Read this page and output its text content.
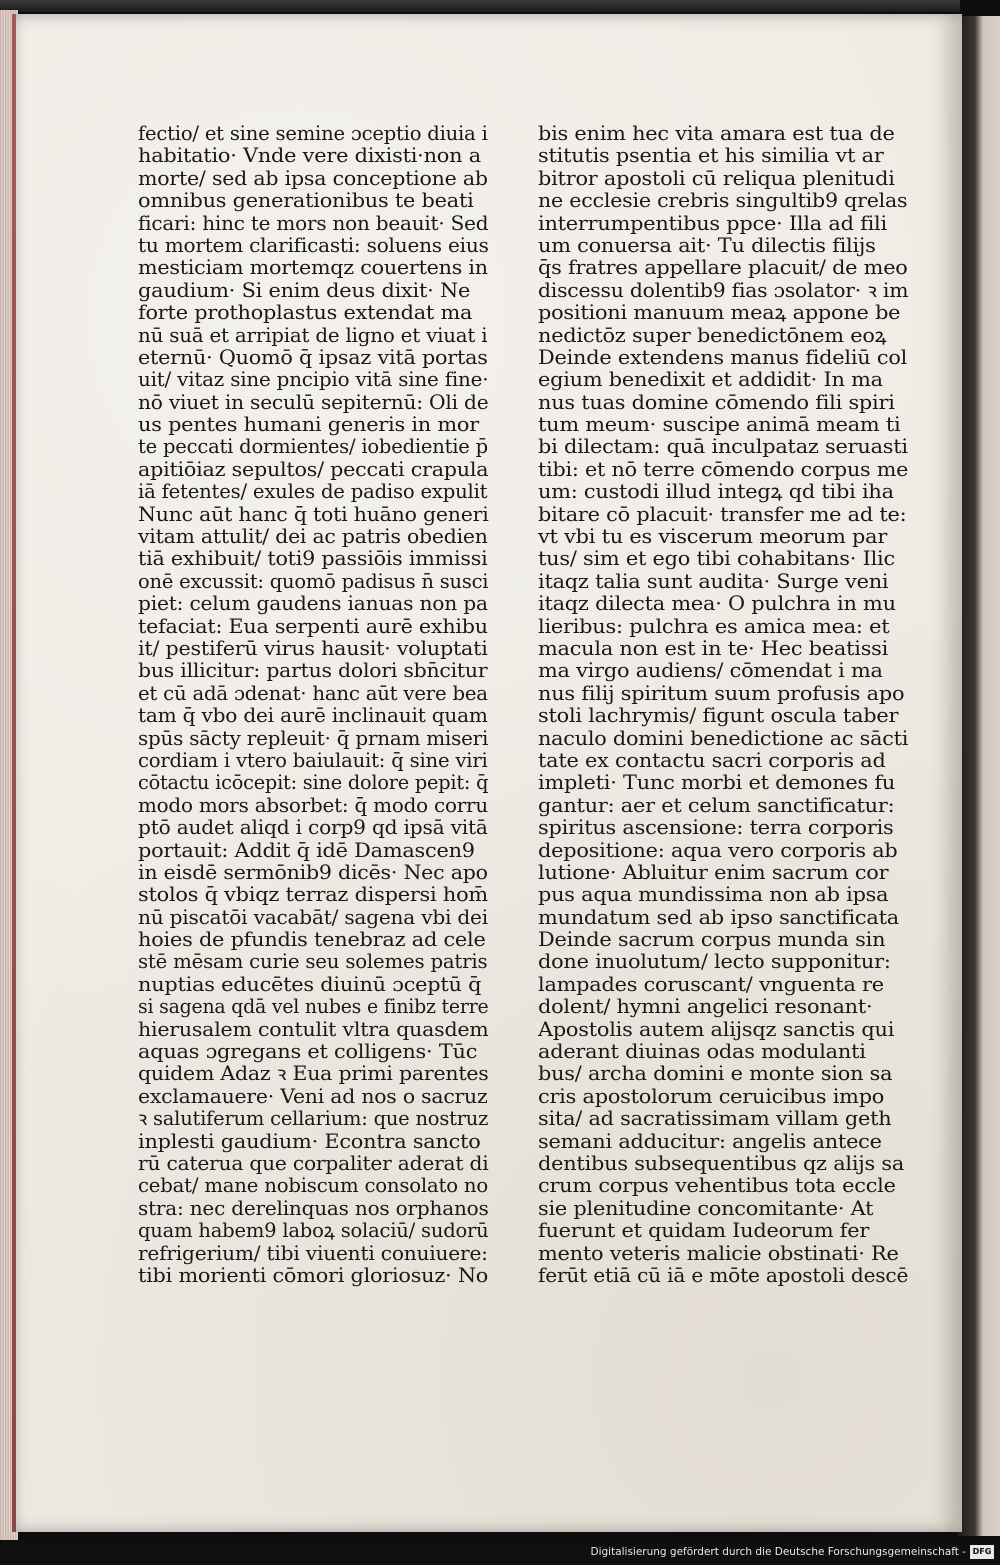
fectio/ et sine semine ɔceptio diuia i
habitatio· Vnde vere dixisti·non a
morte/ sed ab ipsa conceptione ab
omnibus generationibus te beati
ficari: hinc te mors non beauit· Sed
tu mortem clarificasti: soluens eius
mesticiam mortemqz couertens in
gaudium· Si enim deus dixit· Ne
forte prothoplastus extendat ma
nū suā et arripiat de ligno et viuat i
eternū· Quomō q̄ ipsaz vitā portas
uit/ vitaz sine pncipio vitā sine fine·
nō viuet in seculū sepiternū: Oli de
us pentes humani generis in mor
te peccati dormientes/ iobedientie p̄
apitiōiaz sepultos/ peccati crapula
iā fetentes/ exules de padiso expulit
Nunc aūt hanc q̄ toti huāno generi
vitam attulit/ dei ac patris obedien
tiā exhibuit/ toti9 passiōis immissi
onē excussit: quomō padisus n̄ susci
piet: celum gaudens ianuas non pa
tefaciat: Eua serpenti aurē exhibu
it/ pestiferū virus hausit· voluptati
bus illicitur: partus dolori sbn̄citur
et cū adā ɔdenat· hanc aūt vere bea
tam q̄ vbo dei aurē inclinauit quam
spūs sācty repleuit· q̄ prnam miseri
cordiam i vtero baiulauit: q̄ sine viri
cōtactu icōcepit: sine dolore pepit: q̄
modo mors absorbet: q̄ modo corru
ptō audet aliqd i corp9 qd ipsā vitā
portauit: Addit q̄ idē Damascen9
in eisdē sermōnib9 dicēs· Nec apo
stolos q̄ vbiqz terraz dispersi hom̄
nū piscatōi vacabāt/ sagena vbi dei
hoies de pfundis tenebraz ad cele
stē mēsam curie seu solemes patris
nuptias educētes diuinū ɔceptū q̄
si sagena qdā vel nubes e finibz terre
hierusalem contulit vltra quasdem
aquas ɔgregans et colligens· Tūc
quidem Adaz ꝛ Eua primi parentes
exclamauere· Veni ad nos o sacruz
ꝛ salutiferum cellarium: que nostruz
inplesti gaudium· Econtra sancto
rū caterua que corpaliter aderat di
cebat/ mane nobiscum consolato no
stra: nec derelinquas nos orphanos
quam habem9 laboꝝ solaciū/ sudorū
refrigerium/ tibi viuenti conuiuere:
tibi morienti cōmori gloriosuz· No
bis enim hec vita amara est tua de
stitutis psentia et his similia vt ar
bitror apostoli cū reliqua plenitudi
ne ecclesie crebris singultib9 qrelas
interrumpentibus ppce· Illa ad fili
um conuersa ait· Tu dilectis filijs
q̄s fratres appellare placuit/ de meo
discessu dolentib9 fias ɔsolator· ꝛ im
positioni manuum meaꝝ appone be
nedictōz super benedictōnem eoꝝ
Deinde extendens manus fideliū col
egium benedixit et addidit· In ma
nus tuas domine cōmendo fili spiri
tum meum· suscipe animā meam ti
bi dilectam: quā inculpataz seruasti
tibi: et nō terre cōmendo corpus me
um: custodi illud integꝝ qd tibi iha
bitare cō placuit· transfer me ad te:
vt vbi tu es viscerum meorum par
tus/ sim et ego tibi cohabitans· Ilic
itaqz talia sunt audita· Surge veni
itaqz dilecta mea· O pulchra in mu
lieribus: pulchra es amica mea: et
macula non est in te· Hec beatissi
ma virgo audiens/ cōmendat i ma
nus filij spiritum suum profusis apo
stoli lachrymis/ figunt oscula taber
naculo domini benedictione ac sācti
tate ex contactu sacri corporis ad
impleti· Tunc morbi et demones fu
gantur: aer et celum sanctificatur:
spiritus ascensione: terra corporis
depositione: aqua vero corporis ab
lutione· Abluitur enim sacrum cor
pus aqua mundissima non ab ipsa
mundatum sed ab ipso sanctificata
Deinde sacrum corpus munda sin
done inuolutum/ lecto supponitur:
lampades coruscant/ vnguenta re
dolent/ hymni angelici resonant·
Apostolis autem alijsqz sanctis qui
aderant diuinas odas modulanti
bus/ archa domini e monte sion sa
cris apostolorum ceruicibus impo
sita/ ad sacratissimam villam geth
semani adducitur: angelis antece
dentibus subsequentibus qz alijs sa
crum corpus vehentibus tota eccle
sie plenitudine concomitante· At
fuerunt et quidam Iudeorum fer
mento veteris malicie obstinati· Re
ferūt etiā cū iā e mōte apostoli descē
Digitalisierung gefördert durch die Deutsche Forschungsgemeinschaft - DFG
